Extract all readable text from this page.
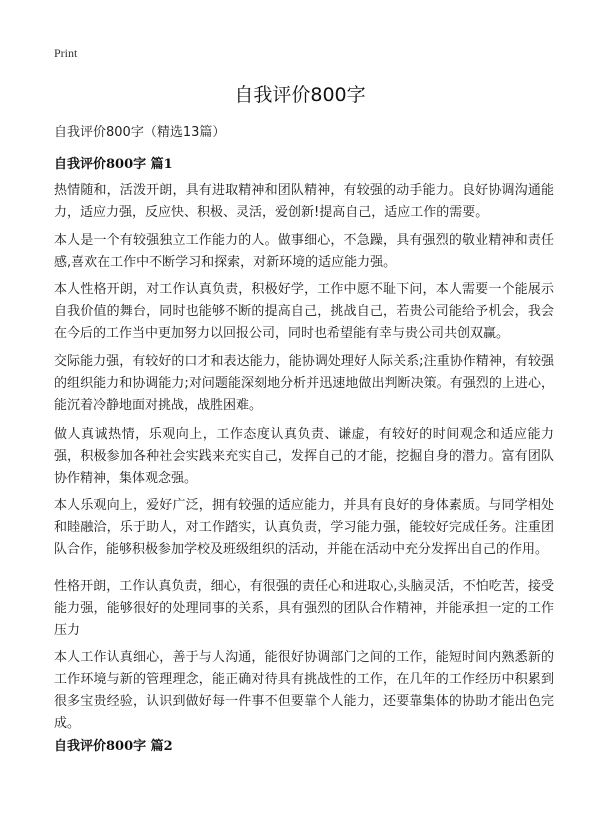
Print
自我评价800字
自我评价800字（精选13篇）
自我评价800字 篇1
热情随和，活泼开朗，具有进取精神和团队精神，有较强的动手能力。良好协调沟通能力，适应力强，反应快、积极、灵活，爱创新!提高自己，适应工作的需要。
本人是一个有较强独立工作能力的人。做事细心，不急躁，具有强烈的敬业精神和责任感,喜欢在工作中不断学习和探索，对新环境的适应能力强。
本人性格开朗，对工作认真负责，积极好学，工作中愿不耻下问，本人需要一个能展示自我价值的舞台，同时也能够不断的提高自己，挑战自己，若贵公司能给予机会，我会在今后的工作当中更加努力以回报公司，同时也希望能有幸与贵公司共创双赢。
交际能力强，有较好的口才和表达能力，能协调处理好人际关系;注重协作精神，有较强的组织能力和协调能力;对问题能深刻地分析并迅速地做出判断决策。有强烈的上进心，能沉着冷静地面对挑战，战胜困难。
做人真诚热情，乐观向上，工作态度认真负责、谦虚，有较好的时间观念和适应能力强，积极参加各种社会实践来充实自己，发挥自己的才能，挖掘自身的潜力。富有团队协作精神，集体观念强。
本人乐观向上，爱好广泛，拥有较强的适应能力，并具有良好的身体素质。与同学相处和睦融洽，乐于助人，对工作踏实，认真负责，学习能力强，能较好完成任务。注重团队合作，能够积极参加学校及班级组织的活动，并能在活动中充分发挥出自己的作用。
性格开朗，工作认真负责，细心，有很强的责任心和进取心,头脑灵活，不怕吃苦，接受能力强，能够很好的处理同事的关系，具有强烈的团队合作精神，并能承担一定的工作压力
本人工作认真细心，善于与人沟通，能很好协调部门之间的工作，能短时间内熟悉新的工作环境与新的管理理念，能正确对待具有挑战性的工作，在几年的工作经历中积累到很多宝贵经验，认识到做好每一件事不但要靠个人能力，还要靠集体的协助才能出色完成。
自我评价800字 篇2
